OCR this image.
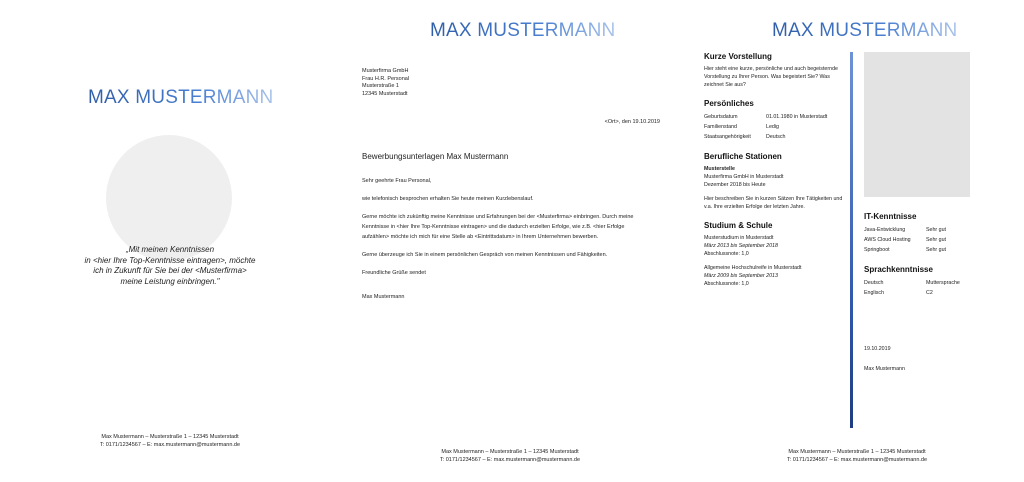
MAX MUSTERMANN
„Mit meinen Kenntnissen
in <hier Ihre Top-Kenntnisse eintragen>, möchte
ich in Zukunft für Sie bei der <Musterfirma>
meine Leistung einbringen."
Max Mustermann – Musterstraße 1 – 12345 Musterstadt
T: 0171/1234567 – E: max.mustermann@mustermann.de
MAX MUSTERMANN
Musterfirma GmbH
Frau H.R. Personal
Musterstraße 1
12345 Musterstadt
<Ort>, den 19.10.2019
Bewerbungsunterlagen Max Mustermann

Sehr geehrte Frau Personal,

wie telefonisch besprochen erhalten Sie heute meinen Kurzlebenslauf.

Gerne möchte ich zukünftig meine Kenntnisse und Erfahrungen bei der <Musterfirma> einbringen. Durch meine Kenntnisse in <hier Ihre Top-Kenntnisse eintragen> und die dadurch erzielten Erfolge, wie z.B. <hier Erfolge aufzählen> möchte ich mich für eine Stelle ab <Eintrittsdatum> in Ihrem Unternehmen bewerben.

Gerne überzeuge ich Sie in einem persönlichen Gespräch von meinen Kenntnissen und Fähigkeiten.

Freundliche Grüße sendet

Max Mustermann

Max Mustermann – Musterstraße 1 – 12345 Musterstadt
T: 0171/1234567 – E: max.mustermann@mustermann.de
MAX MUSTERMANN
Kurze Vorstellung
Hier steht eine kurze, persönliche und auch begeisternde Vorstellung zu Ihrer Person. Was begeistert Sie? Was zeichnet Sie aus?
Persönliches
Geburtsdatum	01.01.1980 in Musterstadt
Familienstand	Ledig
Staatsangehörigkeit	Deutsch
Berufliche Stationen
Musterstelle
Musterfirma GmbH in Musterstadt
Dezember 2018 bis Heute
Hier beschreiben Sie in kurzen Sätzen Ihre Tätigkeiten und v.a. Ihre erzielten Erfolge der letzten Jahre.
Studium & Schule
Musterstudium in Musterstadt
März 2013 bis September 2018
Abschlussnote: 1,0
Allgemeine Hochschulreife in Musterstadt
März 2009 bis September 2013
Abschlussnote: 1,0
IT-Kenntnisse
Java-Entwicklung	Sehr gut
AWS Cloud Hosting	Sehr gut
Springboot	Sehr gut
Sprachkenntnisse
Deutsch	Muttersprache
Englisch	C2
19.10.2019
Max Mustermann
Max Mustermann – Musterstraße 1 – 12345 Musterstadt
T: 0171/1234567 – E: max.mustermann@mustermann.de
